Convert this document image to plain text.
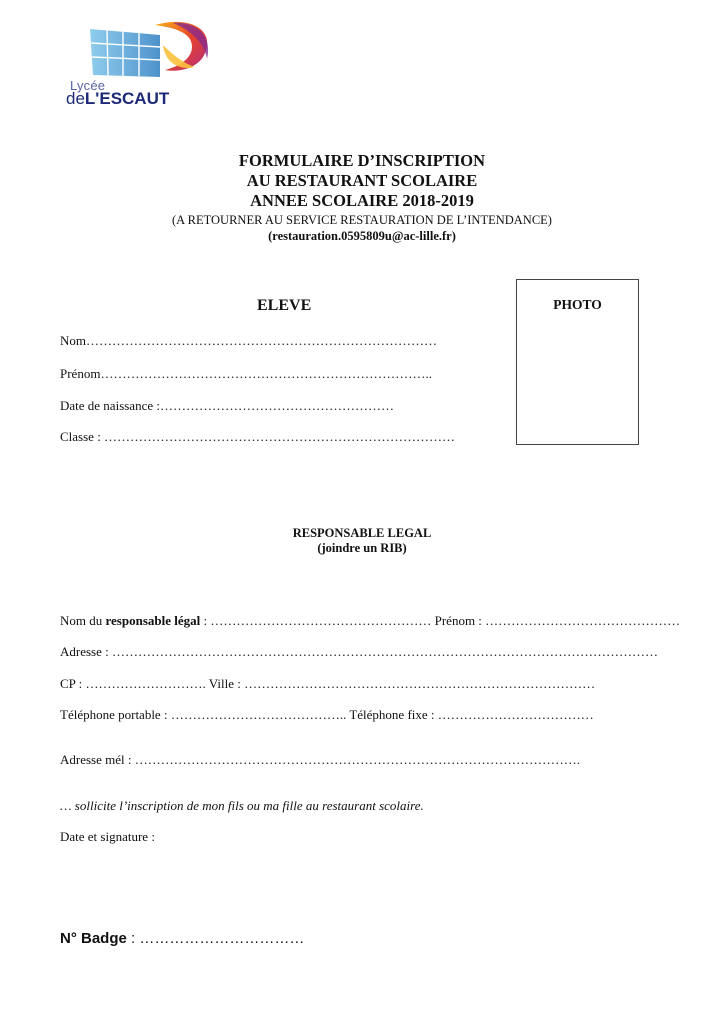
Lycée
deL'ESCAUT
FORMULAIRE D’INSCRIPTION
AU RESTAURANT SCOLAIRE
ANNEE SCOLAIRE 2018-2019
(A RETOURNER AU SERVICE RESTAURATION DE L’INTENDANCE)
(restauration.0595809u@ac-lille.fr)
ELEVE	PHOTO
Nom………………………………………………………………………
Prénom…………………………………………………………………..
Date de naissance :………………………………………………
Classe : ………………………………………………………………………
RESPONSABLE LEGAL
(joindre un RIB)
Nom du responsable légal : …………………………………………… Prénom : ………………………………………
Adresse : ………………………………………………………………………………………………………………
CP : ………………………. Ville : ………………………………………………………………………
Téléphone portable : ………………………………….. Téléphone fixe : ………………………………
Adresse mél : ………………………………………………………………………………………….
… sollicite l’inscription de mon fils ou ma fille au restaurant scolaire.
Date et signature :
N° Badge : ……………………………
